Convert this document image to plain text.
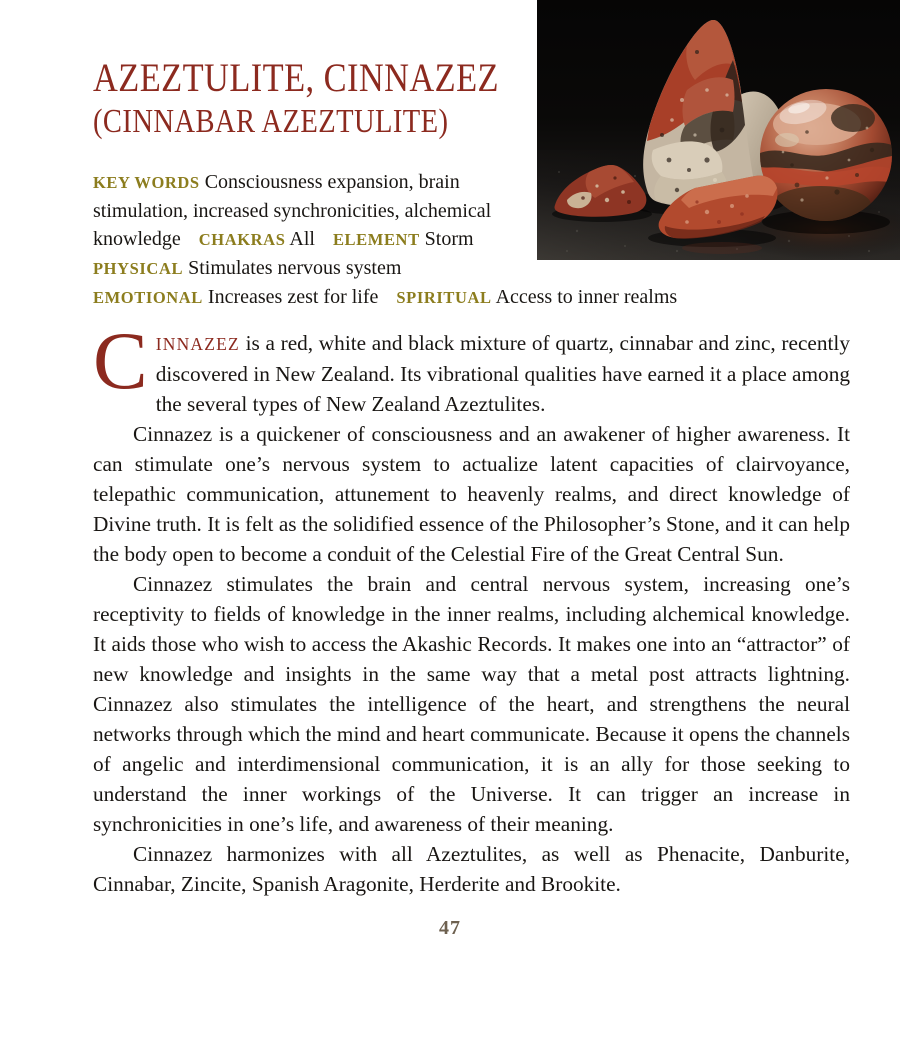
AZEZTULITE, CINNAZEZ
(CINNABAR AZEZTULITE)

KEY WORDS Consciousness expansion, brain stimulation, increased synchronicities, alchemical knowledge CHAKRAS All ELEMENT Storm PHYSICAL Stimulates nervous system EMOTIONAL Increases zest for life SPIRITUAL Access to inner realms

CINNAZEZ is a red, white and black mixture of quartz, cinnabar and zinc, recently discovered in New Zealand. Its vibrational qualities have earned it a place among the several types of New Zealand Azeztulites.

Cinnazez is a quickener of consciousness and an awakener of higher awareness. It can stimulate one’s nervous system to actualize latent capacities of clairvoyance, telepathic communication, attunement to heavenly realms, and direct knowledge of Divine truth. It is felt as the solidified essence of the Philosopher’s Stone, and it can help the body open to become a conduit of the Celestial Fire of the Great Central Sun.

Cinnazez stimulates the brain and central nervous system, increasing one’s receptivity to fields of knowledge in the inner realms, including alchemical knowledge. It aids those who wish to access the Akashic Records. It makes one into an “attractor” of new knowledge and insights in the same way that a metal post attracts lightning. Cinnazez also stimulates the intelligence of the heart, and strengthens the neural networks through which the mind and heart communicate. Because it opens the channels of angelic and interdimensional communication, it is an ally for those seeking to understand the inner workings of the Universe. It can trigger an increase in synchronicities in one’s life, and awareness of their meaning.

Cinnazez harmonizes with all Azeztulites, as well as Phenacite, Danburite, Cinnabar, Zincite, Spanish Aragonite, Herderite and Brookite.

47
